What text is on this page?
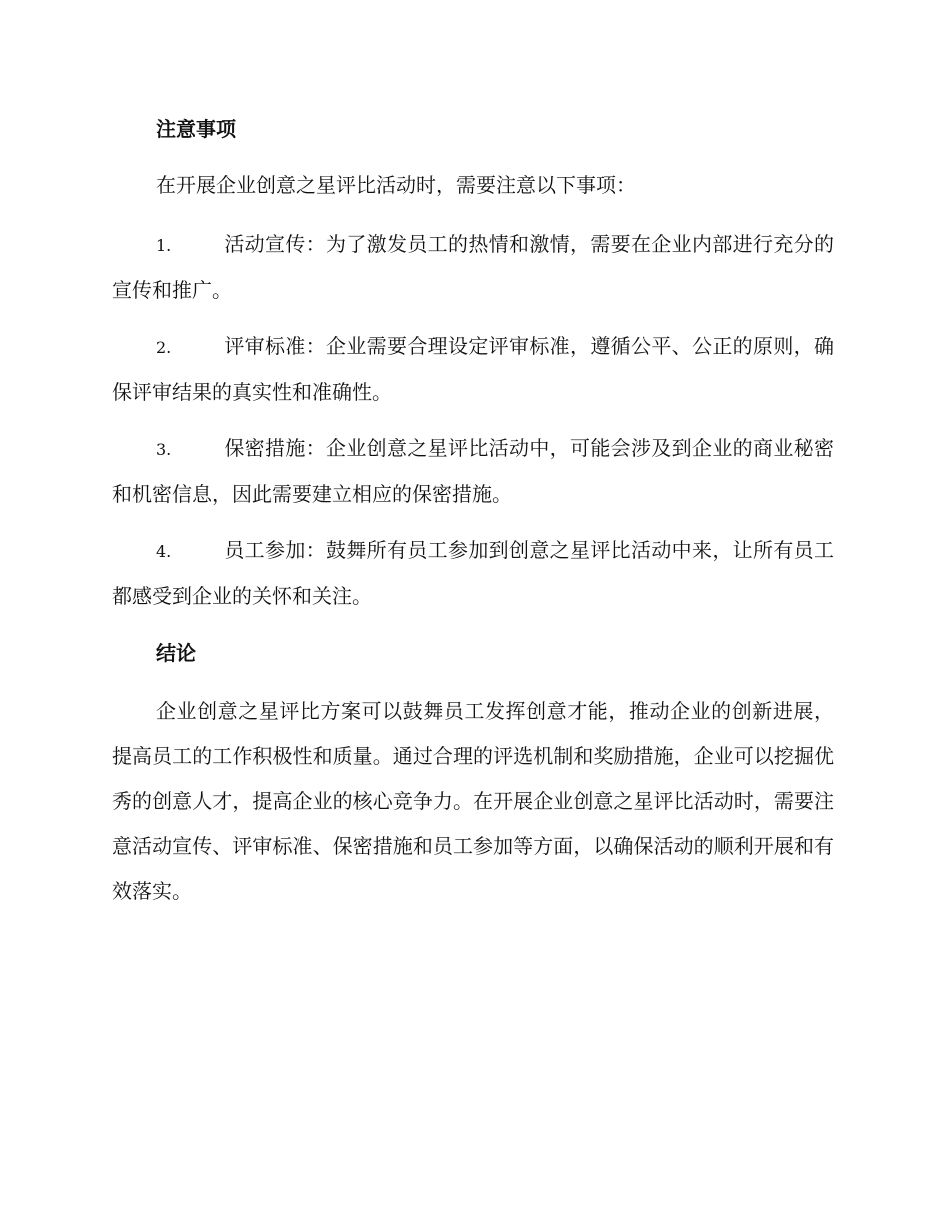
注意事项
在开展企业创意之星评比活动时，需要注意以下事项：
1.	活动宣传：为了激发员工的热情和激情，需要在企业内部进行充分的宣传和推广。
2.	评审标准：企业需要合理设定评审标准，遵循公平、公正的原则，确保评审结果的真实性和准确性。
3.	保密措施：企业创意之星评比活动中，可能会涉及到企业的商业秘密和机密信息，因此需要建立相应的保密措施。
4.	员工参加：鼓舞所有员工参加到创意之星评比活动中来，让所有员工都感受到企业的关怀和关注。
结论
企业创意之星评比方案可以鼓舞员工发挥创意才能，推动企业的创新进展，提高员工的工作积极性和质量。通过合理的评选机制和奖励措施，企业可以挖掘优秀的创意人才，提高企业的核心竞争力。在开展企业创意之星评比活动时，需要注意活动宣传、评审标准、保密措施和员工参加等方面，以确保活动的顺利开展和有效落实。
